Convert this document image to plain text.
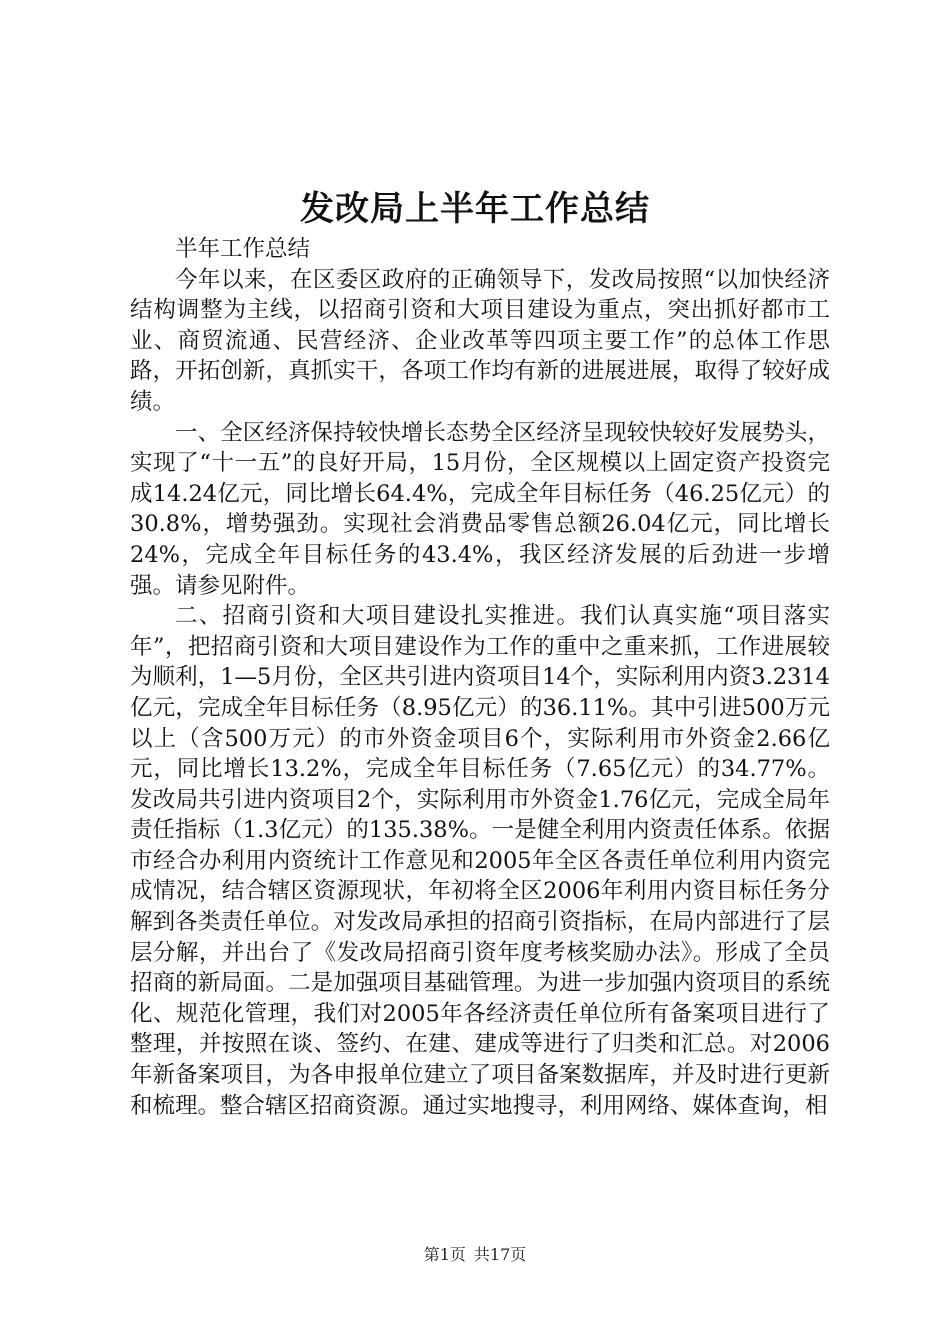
发改局上半年工作总结

半年工作总结

今年以来，在区委区政府的正确领导下，发改局按照“以加快经济结构调整为主线，以招商引资和大项目建设为重点，突出抓好都市工业、商贸流通、民营经济、企业改革等四项主要工作”的总体工作思路，开拓创新，真抓实干，各项工作均有新的进展进展，取得了较好成绩。

一、全区经济保持较快增长态势全区经济呈现较快较好发展势头，实现了“十一五”的良好开局，15月份，全区规模以上固定资产投资完成14.24亿元，同比增长64.4%，完成全年目标任务（46.25亿元）的30.8%，增势强劲。实现社会消费品零售总额26.04亿元，同比增长24%，完成全年目标任务的43.4%，我区经济发展的后劲进一步增强。请参见附件。

二、招商引资和大项目建设扎实推进。我们认真实施“项目落实年”，把招商引资和大项目建设作为工作的重中之重来抓，工作进展较为顺利，1—5月份，全区共引进内资项目14个，实际利用内资3.2314亿元，完成全年目标任务（8.95亿元）的36.11%。其中引进500万元以上（含500万元）的市外资金项目6个，实际利用市外资金2.66亿元，同比增长13.2%，完成全年目标任务（7.65亿元）的34.77%。发改局共引进内资项目2个，实际利用市外资金1.76亿元，完成全局年责任指标（1.3亿元）的135.38%。一是健全利用内资责任体系。依据市经合办利用内资统计工作意见和2005年全区各责任单位利用内资完成情况，结合辖区资源现状，年初将全区2006年利用内资目标任务分解到各类责任单位。对发改局承担的招商引资指标，在局内部进行了层层分解，并出台了《发改局招商引资年度考核奖励办法》。形成了全员招商的新局面。二是加强项目基础管理。为进一步加强内资项目的系统化、规范化管理，我们对2005年各经济责任单位所有备案项目进行了整理，并按照在谈、签约、在建、建成等进行了归类和汇总。对2006年新备案项目，为各申报单位建立了项目备案数据库，并及时进行更新和梳理。整合辖区招商资源。通过实地搜寻，利用网络、媒体查询，相

第1页 共17页
